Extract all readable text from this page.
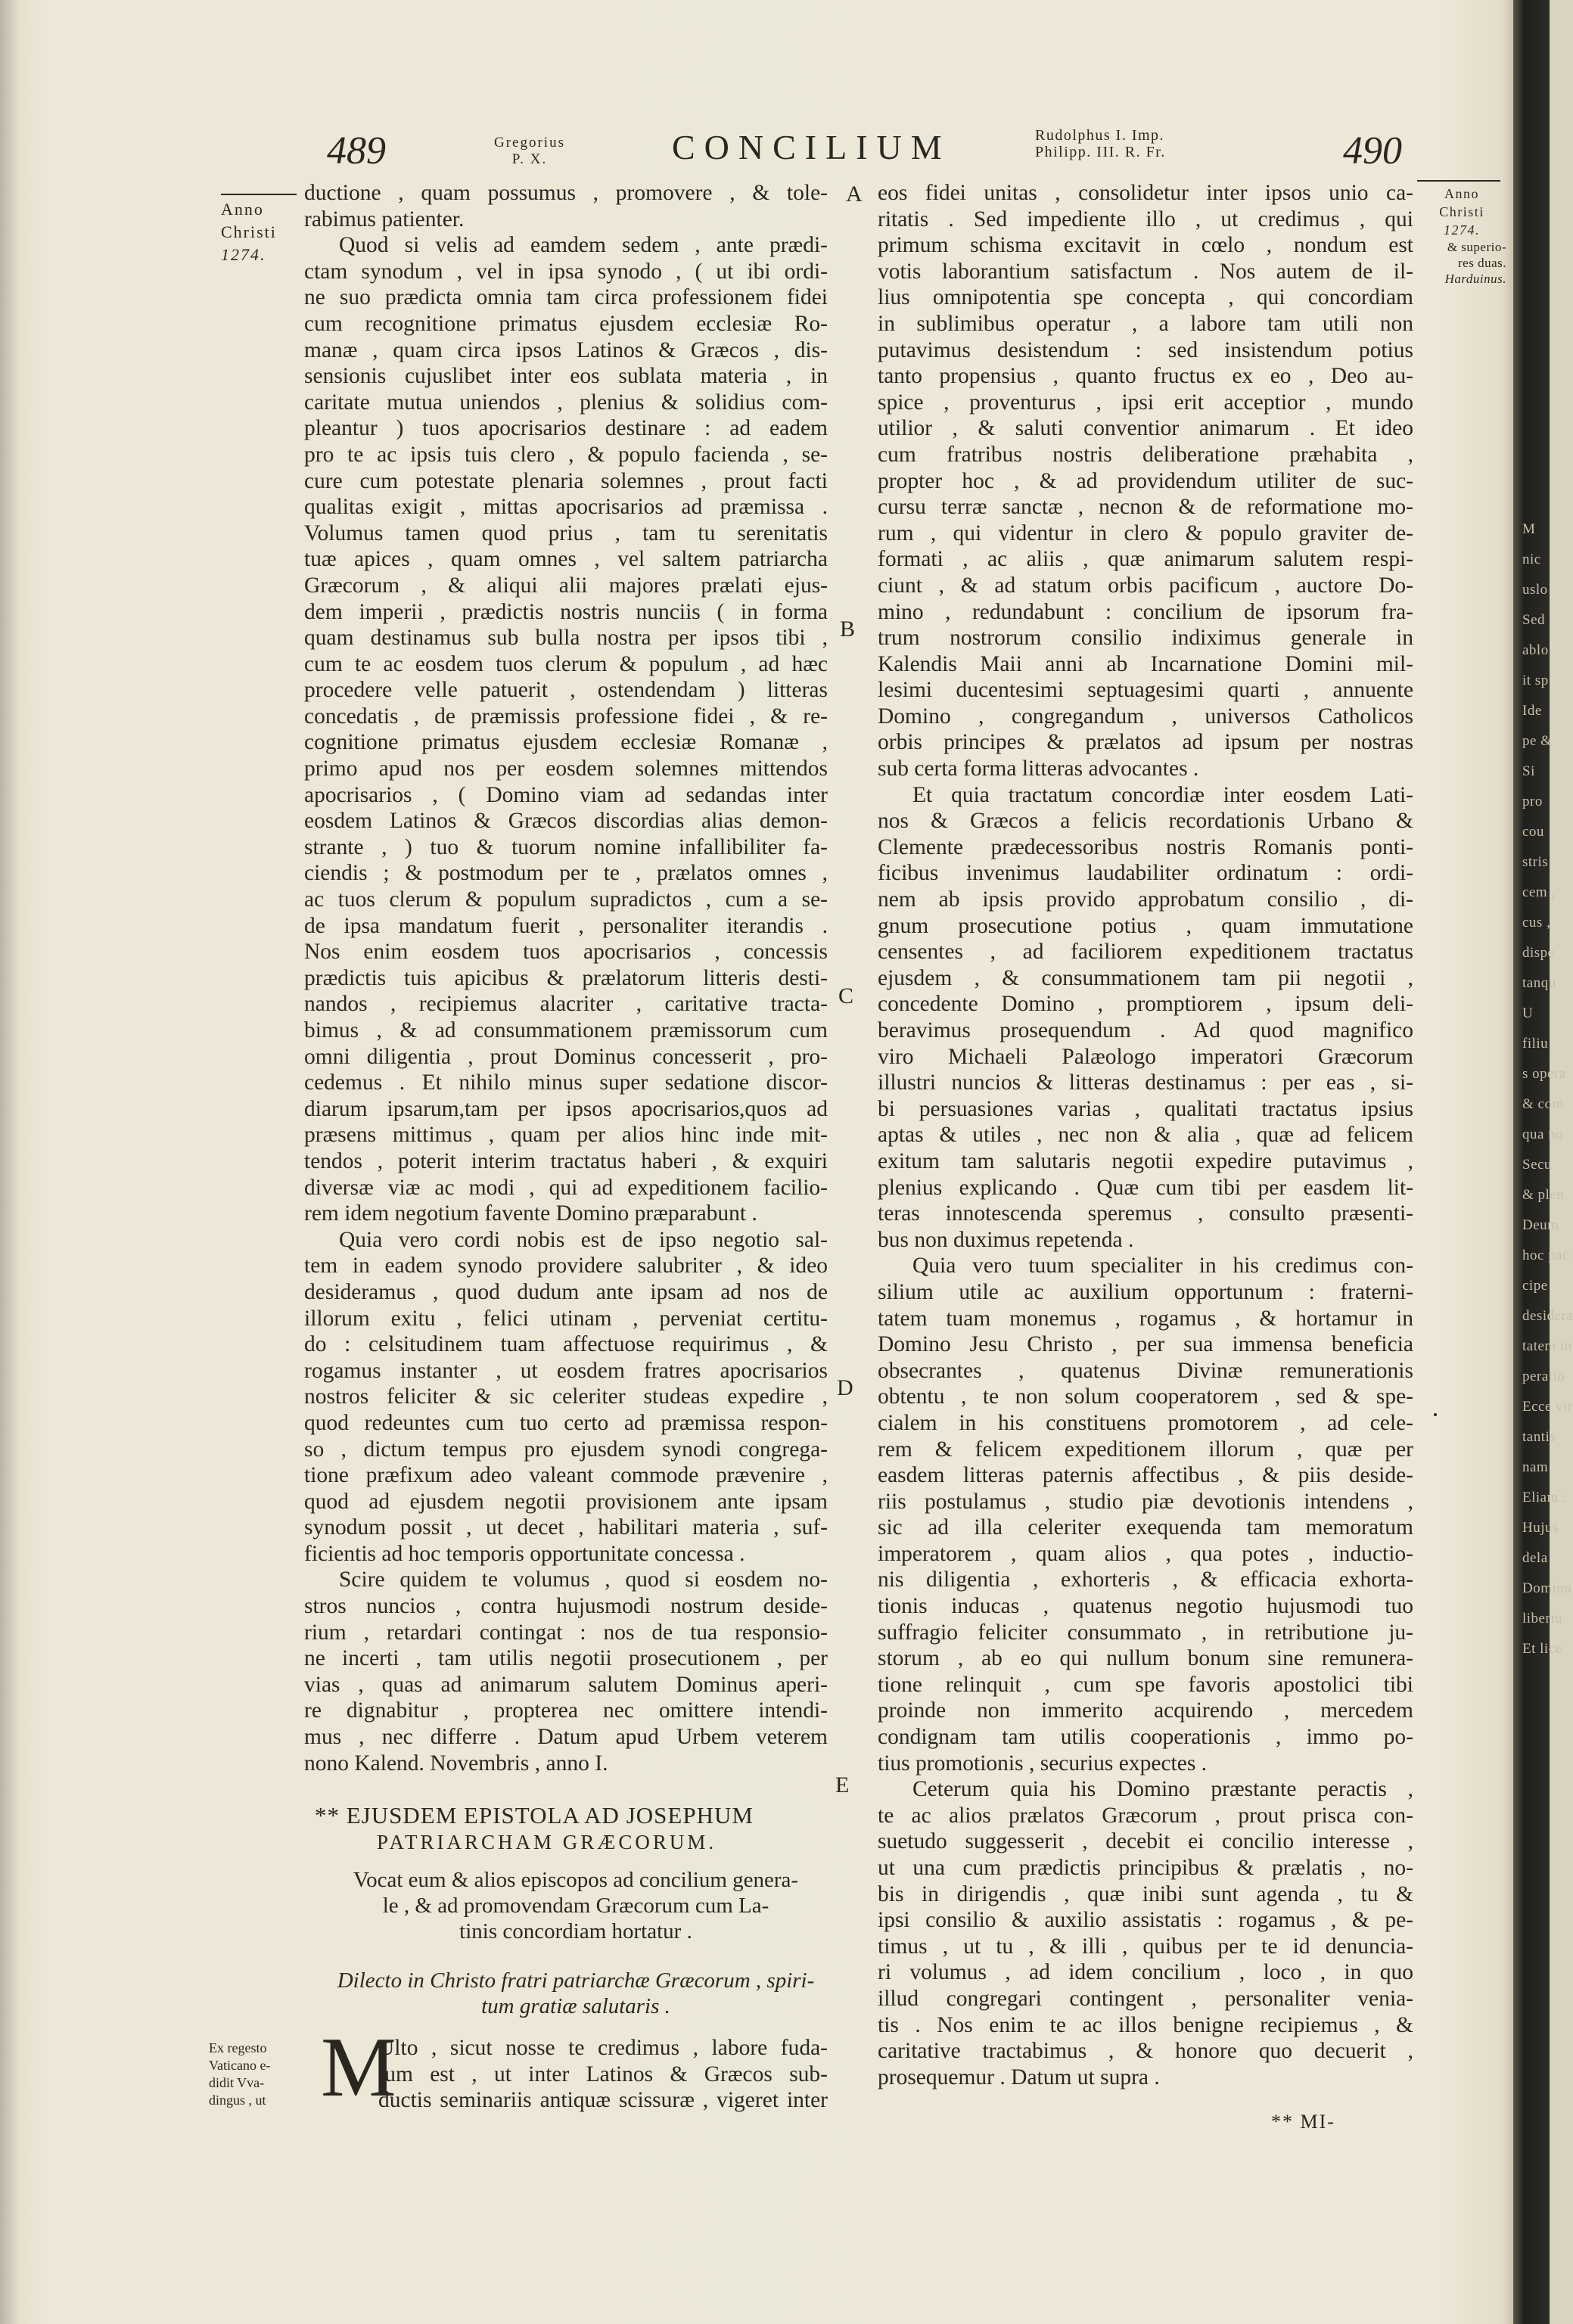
M
nic
uslo
Sed
ablo
it sp
Ide
pe &
Si
pro
cou
stris
cem ,
cus ,
dispe
tanqu
U
filiu
s opera
& com
qua no
Secu
& plen
Deum
hoc pac
cipe
desidera
tatem in
peratio
Ecce vir
tantis
nam
Eliam :
Hujus
dela
Dominu
liberiu
Et lice
489	490
Gregorius
P. X.	CONCILIUM	Rudolphus I. Imp.
Philipp. III. R. Fr.
Anno
Christi
1274.
Anno
Christi
1274.
& superio-
res duas.
Harduinus.
A
B
C
D
E
ductione , quam possumus , promovere , & tole-
rabimus patienter.
Quod si velis ad eamdem sedem , ante prædi-
ctam synodum , vel in ipsa synodo , ( ut ibi ordi-
ne suo prædicta omnia tam circa professionem fidei
cum recognitione primatus ejusdem ecclesiæ Ro-
manæ , quam circa ipsos Latinos & Græcos , dis-
sensionis cujuslibet inter eos sublata materia , in
caritate mutua uniendos , plenius & solidius com-
pleantur ) tuos apocrisarios destinare : ad eadem
pro te ac ipsis tuis clero , & populo facienda , se-
cure cum potestate plenaria solemnes , prout facti
qualitas exigit , mittas apocrisarios ad præmissa .
Volumus tamen quod prius , tam tu serenitatis
tuæ apices , quam omnes , vel saltem patriarcha
Græcorum , & aliqui alii majores prælati ejus-
dem imperii , prædictis nostris nunciis ( in forma
quam destinamus sub bulla nostra per ipsos tibi ,
cum te ac eosdem tuos clerum & populum , ad hæc
procedere velle patuerit , ostendendam ) litteras
concedatis , de præmissis professione fidei , & re-
cognitione primatus ejusdem ecclesiæ Romanæ ,
primo apud nos per eosdem solemnes mittendos
apocrisarios , ( Domino viam ad sedandas inter
eosdem Latinos & Græcos discordias alias demon-
strante , ) tuo & tuorum nomine infallibiliter fa-
ciendis ; & postmodum per te , prælatos omnes ,
ac tuos clerum & populum supradictos , cum a se-
de ipsa mandatum fuerit , personaliter iterandis .
Nos enim eosdem tuos apocrisarios , concessis
prædictis tuis apicibus & prælatorum litteris desti-
nandos , recipiemus alacriter , caritative tracta-
bimus , & ad consummationem præmissorum cum
omni diligentia , prout Dominus concesserit , pro-
cedemus . Et nihilo minus super sedatione discor-
diarum ipsarum,tam per ipsos apocrisarios,quos ad
præsens mittimus , quam per alios hinc inde mit-
tendos , poterit interim tractatus haberi , & exquiri
diversæ viæ ac modi , qui ad expeditionem facilio-
rem idem negotium favente Domino præparabunt .
Quia vero cordi nobis est de ipso negotio sal-
tem in eadem synodo providere salubriter , & ideo
desideramus , quod dudum ante ipsam ad nos de
illorum exitu , felici utinam , perveniat certitu-
do : celsitudinem tuam affectuose requirimus , &
rogamus instanter , ut eosdem fratres apocrisarios
nostros feliciter & sic celeriter studeas expedire ,
quod redeuntes cum tuo certo ad præmissa respon-
so , dictum tempus pro ejusdem synodi congrega-
tione præfixum adeo valeant commode prævenire ,
quod ad ejusdem negotii provisionem ante ipsam
synodum possit , ut decet , habilitari materia , suf-
ficientis ad hoc temporis opportunitate concessa .
Scire quidem te volumus , quod si eosdem no-
stros nuncios , contra hujusmodi nostrum deside-
rium , retardari contingat : nos de tua responsio-
ne incerti , tam utilis negotii prosecutionem , per
vias , quas ad animarum salutem Dominus aperi-
re dignabitur , propterea nec omittere intendi-
mus , nec differre . Datum apud Urbem veterem
nono Kalend. Novembris , anno I.
eos fidei unitas , consolidetur inter ipsos unio ca-
ritatis . Sed impediente illo , ut credimus , qui
primum schisma excitavit in cœlo , nondum est
votis laborantium satisfactum . Nos autem de il-
lius omnipotentia spe concepta , qui concordiam
in sublimibus operatur , a labore tam utili non
putavimus desistendum : sed insistendum potius
tanto propensius , quanto fructus ex eo , Deo au-
spice , proventurus , ipsi erit acceptior , mundo
utilior , & saluti conventior animarum . Et ideo
cum fratribus nostris deliberatione præhabita ,
propter hoc , & ad providendum utiliter de suc-
cursu terræ sanctæ , necnon & de reformatione mo-
rum , qui videntur in clero & populo graviter de-
formati , ac aliis , quæ animarum salutem respi-
ciunt , & ad statum orbis pacificum , auctore Do-
mino , redundabunt : concilium de ipsorum fra-
trum nostrorum consilio indiximus generale in
Kalendis Maii anni ab Incarnatione Domini mil-
lesimi ducentesimi septuagesimi quarti , annuente
Domino , congregandum , universos Catholicos
orbis principes & prælatos ad ipsum per nostras
sub certa forma litteras advocantes .
Et quia tractatum concordiæ inter eosdem Lati-
nos & Græcos a felicis recordationis Urbano &
Clemente prædecessoribus nostris Romanis ponti-
ficibus invenimus laudabiliter ordinatum : ordi-
nem ab ipsis provido approbatum consilio , di-
gnum prosecutione potius , quam immutatione
censentes , ad faciliorem expeditionem tractatus
ejusdem , & consummationem tam pii negotii ,
concedente Domino , promptiorem , ipsum deli-
beravimus prosequendum . Ad quod magnifico
viro Michaeli Palæologo imperatori Græcorum
illustri nuncios & litteras destinamus : per eas , si-
bi persuasiones varias , qualitati tractatus ipsius
aptas & utiles , nec non & alia , quæ ad felicem
exitum tam salutaris negotii expedire putavimus ,
plenius explicando . Quæ cum tibi per easdem lit-
teras innotescenda speremus , consulto præsenti-
bus non duximus repetenda .
Quia vero tuum specialiter in his credimus con-
silium utile ac auxilium opportunum : fraterni-
tatem tuam monemus , rogamus , & hortamur in
Domino Jesu Christo , per sua immensa beneficia
obsecrantes , quatenus Divinæ remunerationis
obtentu , te non solum cooperatorem , sed & spe-
cialem in his constituens promotorem , ad cele-
rem & felicem expeditionem illorum , quæ per
easdem litteras paternis affectibus , & piis deside-
riis postulamus , studio piæ devotionis intendens ,
sic ad illa celeriter exequenda tam memoratum
imperatorem , quam alios , qua potes , inductio-
nis diligentia , exhorteris , & efficacia exhorta-
tionis inducas , quatenus negotio hujusmodi tuo
suffragio feliciter consummato , in retributione ju-
storum , ab eo qui nullum bonum sine remunera-
tione relinquit , cum spe favoris apostolici tibi
proinde non immerito acquirendo , mercedem
condignam tam utilis cooperationis , immo po-
tius promotionis , securius expectes .
Ceterum quia his Domino præstante peractis ,
te ac alios prælatos Græcorum , prout prisca con-
suetudo suggesserit , decebit ei concilio interesse ,
ut una cum prædictis principibus & prælatis , no-
bis in dirigendis , quæ inibi sunt agenda , tu &
ipsi consilio & auxilio assistatis : rogamus , & pe-
timus , ut tu , & illi , quibus per te id denuncia-
ri volumus , ad idem concilium , loco , in quo
illud congregari contingent , personaliter venia-
tis . Nos enim te ac illos benigne recipiemus , &
caritative tractabimus , & honore quo decuerit ,
prosequemur . Datum ut supra .
** EJUSDEM EPISTOLA AD JOSEPHUM
PATRIARCHAM GRÆCORUM.
Vocat eum & alios episcopos ad concilium genera-
le , & ad promovendam Græcorum cum La-
tinis concordiam hortatur .
Dilecto in Christo fratri patriarchæ Græcorum , spiri-
tum gratiæ salutaris .
Ex regesto
Vaticano e-
didit Vva-
dingus , ut M
Ulto , sicut nosse te credimus , labore fuda-
tum est , ut inter Latinos & Græcos sub-
ductis seminariis antiquæ scissuræ , vigeret inter
** MI-
